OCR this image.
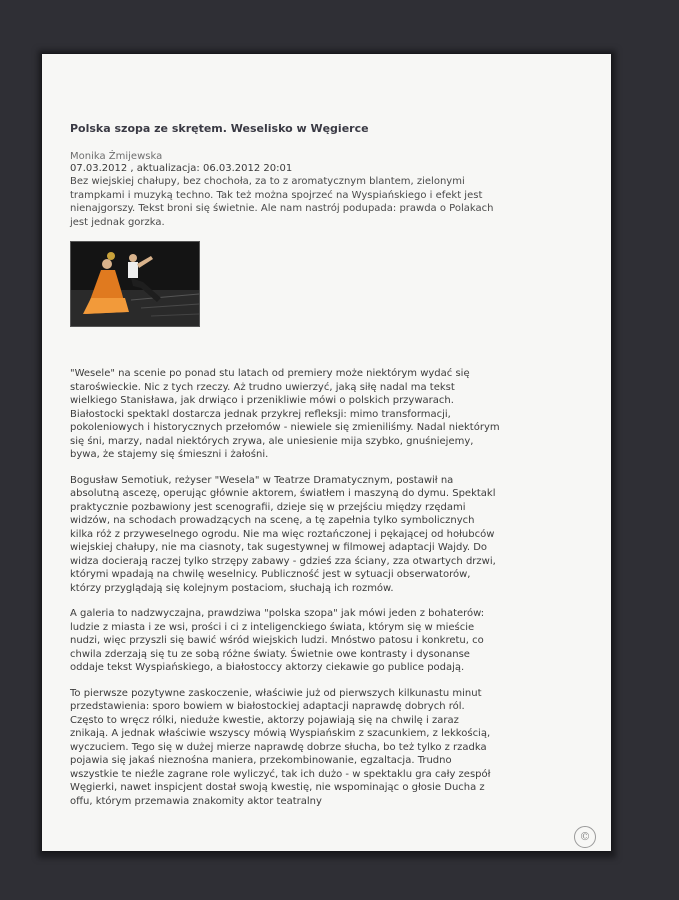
Polska szopa ze skrętem. Weselisko w Węgierce
Monika Żmijewska
07.03.2012 , aktualizacja: 06.03.2012 20:01

Bez wiejskiej chałupy, bez chochoła, za to z aromatycznym blantem, zielonymi trampkami i muzyką techno. Tak też można spojrzeć na Wyspiańskiego i efekt jest nienajgorszy. Tekst broni się świetnie. Ale nam nastrój podupada: prawda o Polakach jest jednak gorzka.

"Wesele" na scenie po ponad stu latach od premiery może niektórym wydać się staroświeckie. Nic z tych rzeczy. Aż trudno uwierzyć, jaką siłę nadal ma tekst wielkiego Stanisława, jak drwiąco i przenikliwie mówi o polskich przywarach. Białostocki spektakl dostarcza jednak przykrej refleksji: mimo transformacji, pokoleniowych i historycznych przełomów - niewiele się zmieniliśmy. Nadal niektórym się śni, marzy, nadal niektórych zrywa, ale uniesienie mija szybko, gnuśniejemy, bywa, że stajemy się śmieszni i żałośni.

Bogusław Semotiuk, reżyser "Wesela" w Teatrze Dramatycznym, postawił na absolutną ascezę, operując głównie aktorem, światłem i maszyną do dymu. Spektakl praktycznie pozbawiony jest scenografii, dzieje się w przejściu między rzędami widzów, na schodach prowadzących na scenę, a tę zapełnia tylko symbolicznych kilka róż z przyweselnego ogrodu. Nie ma więc roztańczonej i pękającej od hołubców wiejskiej chałupy, nie ma ciasnoty, tak sugestywnej w filmowej adaptacji Wajdy. Do widza docierają raczej tylko strzępy zabawy - gdzieś zza ściany, zza otwartych drzwi, którymi wpadają na chwilę weselnicy. Publiczność jest w sytuacji obserwatorów, którzy przyglądają się kolejnym postaciom, słuchają ich rozmów.

A galeria to nadzwyczajna, prawdziwa "polska szopa" jak mówi jeden z bohaterów: ludzie z miasta i ze wsi, prości i ci z inteligenckiego świata, którym się w mieście nudzi, więc przyszli się bawić wśród wiejskich ludzi. Mnóstwo patosu i konkretu, co chwila zderzają się tu ze sobą różne światy. Świetnie owe kontrasty i dysonanse oddaje tekst Wyspiańskiego, a białostoccy aktorzy ciekawie go publice podają.

To pierwsze pozytywne zaskoczenie, właściwie już od pierwszych kilkunastu minut przedstawienia: sporo bowiem w białostockiej adaptacji naprawdę dobrych ról. Często to wręcz rólki, nieduże kwestie, aktorzy pojawiają się na chwilę i zaraz znikają. A jednak właściwie wszyscy mówią Wyspiańskim z szacunkiem, z lekkością, wyczuciem. Tego się w dużej mierze naprawdę dobrze słucha, bo też tylko z rzadka pojawia się jakaś nieznośna maniera, przekombinowanie, egzaltacja. Trudno wszystkie te nieźle zagrane role wyliczyć, tak ich dużo - w spektaklu gra cały zespół Węgierki, nawet inspicjent dostał swoją kwestię, nie wspominając o głosie Ducha z offu, którym przemawia znakomity aktor teatralny

©
